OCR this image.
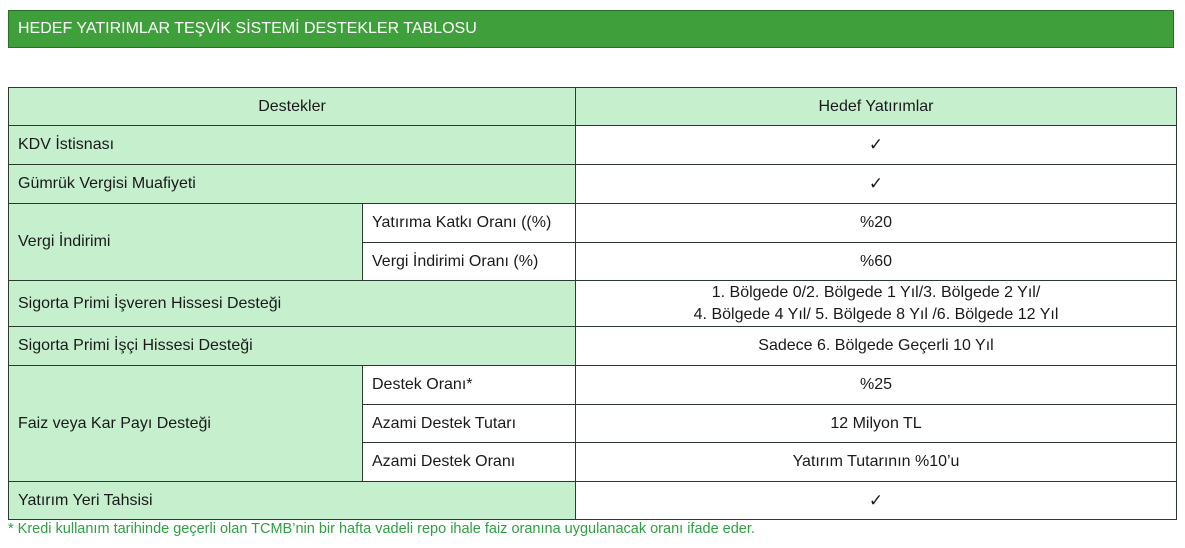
HEDEF YATIRIMLAR TEŞVİK SİSTEMİ DESTEKLER TABLOSU
Destekler		Hedef Yatırımlar
KDV İstisnası		✓
Gümrük Vergisi Muafiyeti		✓
Vergi İndirimi	Yatırıma Katkı Oranı ((%)	%20
	Vergi İndirimi Oranı (%)	%60
Sigorta Primi İşveren Hissesi Desteği		1. Bölgede 0/2. Bölgede 1 Yıl/3. Bölgede 2 Yıl/
4. Bölgede 4 Yıl/ 5. Bölgede 8 Yıl /6. Bölgede 12 Yıl

Sigorta Primi İşçi Hissesi Desteği		Sadece 6. Bölgede Geçerli 10 Yıl
Faiz veya Kar Payı Desteği	Destek Oranı*	%25
	Azami Destek Tutarı	12 Milyon TL
	Azami Destek Oranı	Yatırım Tutarının %10’u
Yatırım Yeri Tahsisi		✓
* Kredi kullanım tarihinde geçerli olan TCMB’nin bir hafta vadeli repo ihale faiz oranına uygulanacak oranı ifade eder.
